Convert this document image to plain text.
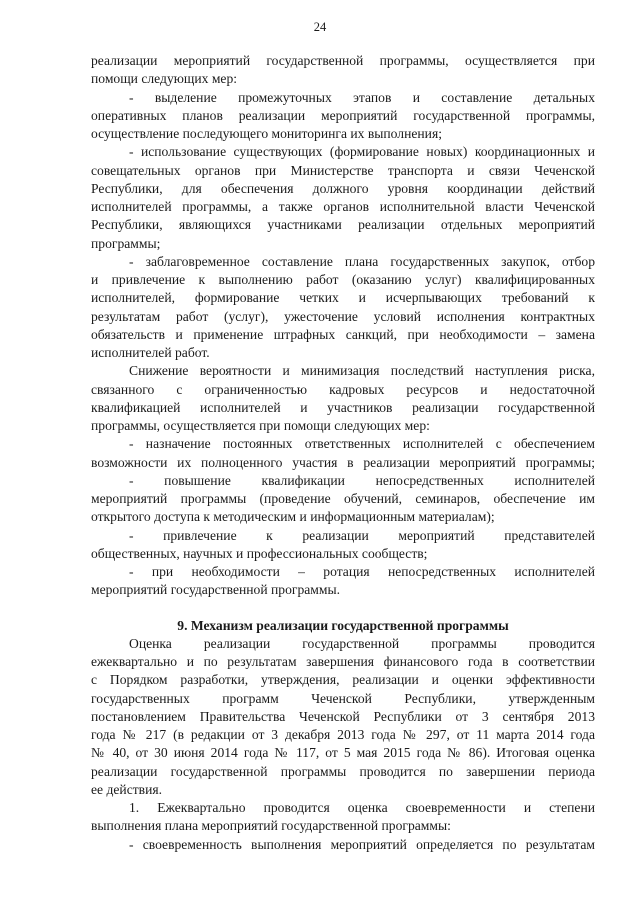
24
реализации мероприятий государственной программы, осуществляется при
помощи следующих мер:
- выделение промежуточных этапов и составление детальных
оперативных планов реализации мероприятий государственной программы,
осуществление последующего мониторинга их выполнения;
- использование существующих (формирование новых) координационных и
совещательных органов при Министерстве транспорта и связи Чеченской
Республики, для обеспечения должного уровня координации действий
исполнителей программы, а также органов исполнительной власти Чеченской
Республики, являющихся участниками реализации отдельных мероприятий
программы;
- заблаговременное составление плана государственных закупок, отбор
и привлечение к выполнению работ (оказанию услуг) квалифицированных
исполнителей, формирование четких и исчерпывающих требований к
результатам работ (услуг), ужесточение условий исполнения контрактных
обязательств и применение штрафных санкций, при необходимости – замена
исполнителей работ.
Снижение вероятности и минимизация последствий наступления риска,
связанного с ограниченностью кадровых ресурсов и недостаточной
квалификацией исполнителей и участников реализации государственной
программы, осуществляется при помощи следующих мер:
- назначение постоянных ответственных исполнителей с обеспечением
возможности их полноценного участия в реализации мероприятий программы;
- повышение квалификации непосредственных исполнителей
мероприятий программы (проведение обучений, семинаров, обеспечение им
открытого доступа к методическим и информационным материалам);
- привлечение к реализации мероприятий представителей
общественных, научных и профессиональных сообществ;
- при необходимости – ротация непосредственных исполнителей
мероприятий государственной программы.
9. Механизм реализации государственной программы
Оценка реализации государственной программы проводится
ежеквартально и по результатам завершения финансового года в соответствии
с Порядком разработки, утверждения, реализации и оценки эффективности
государственных программ Чеченской Республики, утвержденным
постановлением Правительства Чеченской Республики от 3 сентября 2013
года № 217 (в редакции от 3 декабря 2013 года № 297, от 11 марта 2014 года
№ 40, от 30 июня 2014 года № 117, от 5 мая 2015 года № 86). Итоговая оценка
реализации государственной программы проводится по завершении периода
ее действия.
1. Ежеквартально проводится оценка своевременности и степени
выполнения плана мероприятий государственной программы:
- своевременность выполнения мероприятий определяется по результатам
